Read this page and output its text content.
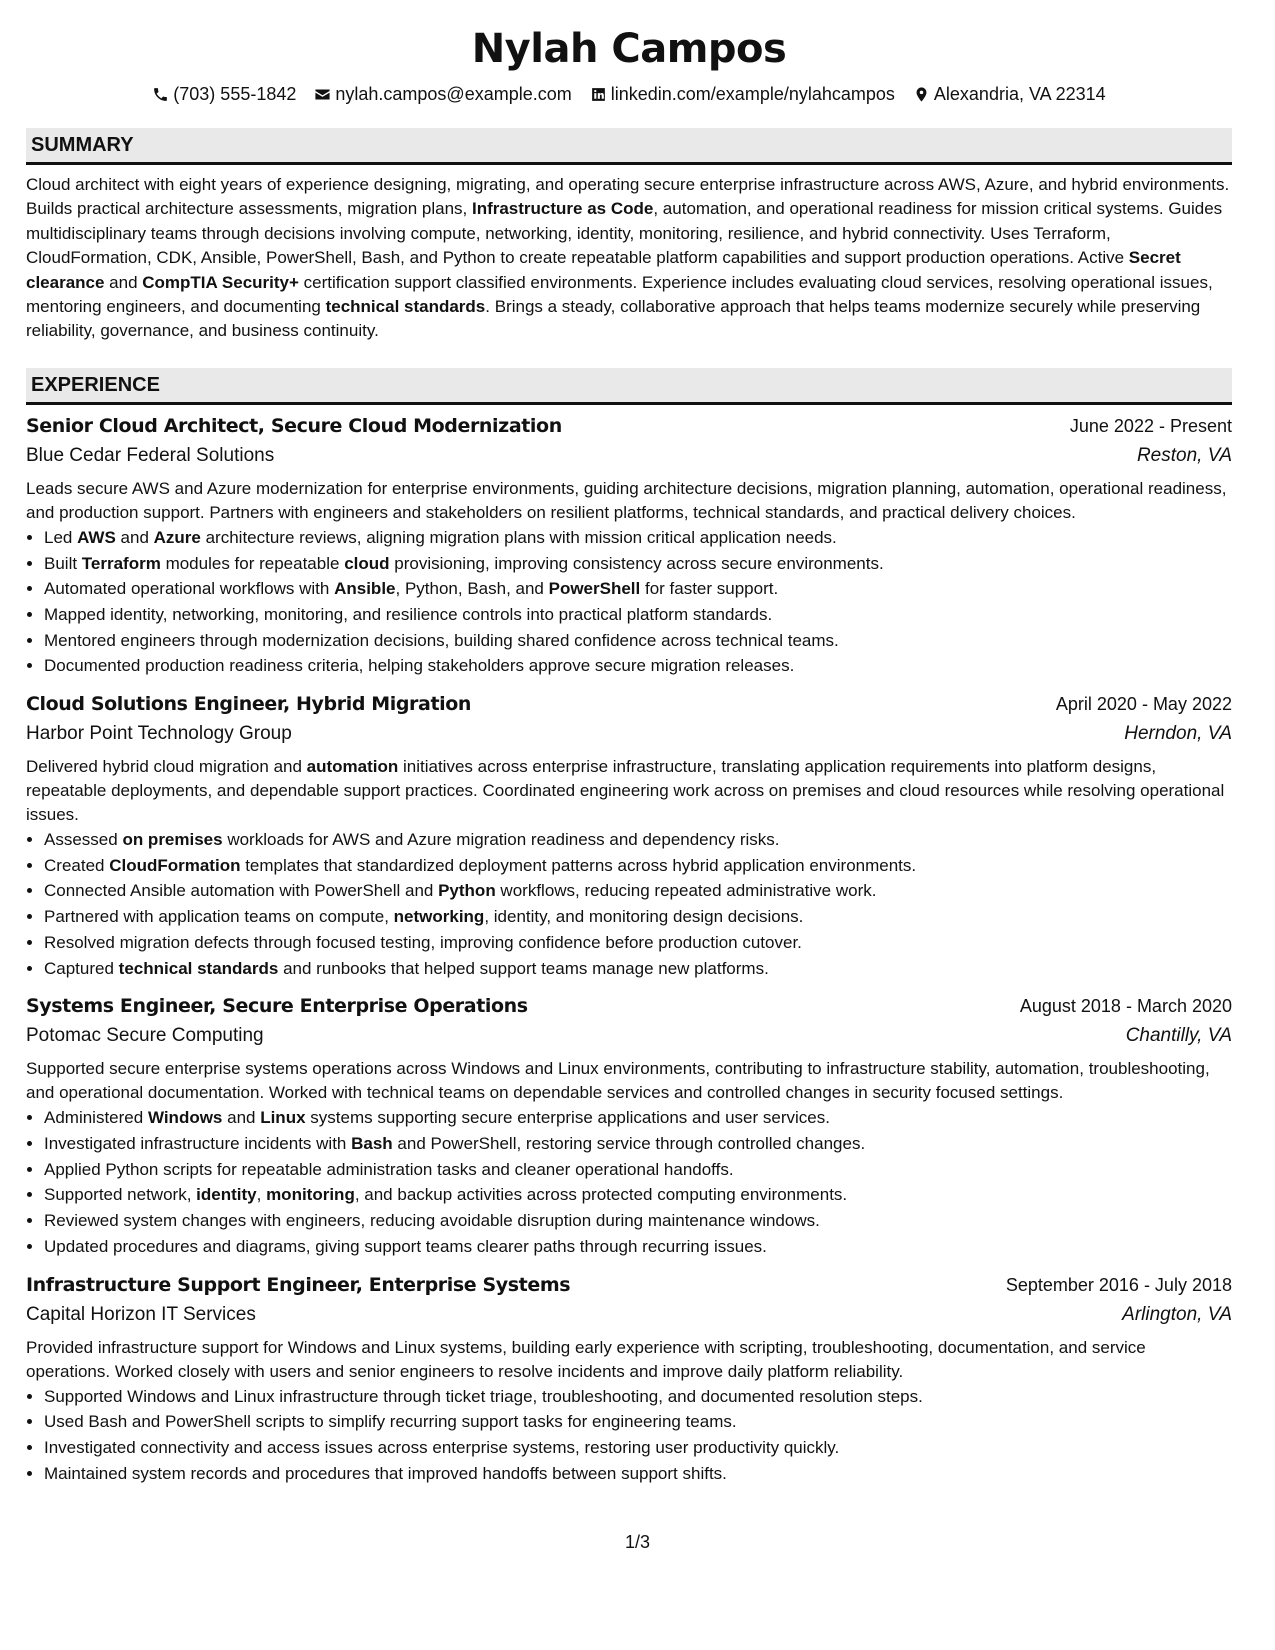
Nylah Campos
(703) 555-1842 nylah.campos@example.com linkedin.com/example/nylahcampos Alexandria, VA 22314
SUMMARY

Cloud architect with eight years of experience designing, migrating, and operating secure enterprise infrastructure across AWS, Azure, and hybrid environments. Builds practical architecture assessments, migration plans, Infrastructure as Code, automation, and operational readiness for mission critical systems. Guides multidisciplinary teams through decisions involving compute, networking, identity, monitoring, resilience, and hybrid connectivity. Uses Terraform, CloudFormation, CDK, Ansible, PowerShell, Bash, and Python to create repeatable platform capabilities and support production operations. Active Secret clearance and CompTIA Security+ certification support classified environments. Experience includes evaluating cloud services, resolving operational issues, mentoring engineers, and documenting technical standards. Brings a steady, collaborative approach that helps teams modernize securely while preserving reliability, governance, and business continuity.

EXPERIENCE
Senior Cloud Architect, Secure Cloud Modernization	June 2022 - Present
Blue Cedar Federal Solutions	Reston, VA
Leads secure AWS and Azure modernization for enterprise environments, guiding architecture decisions, migration planning, automation, operational readiness, and production support. Partners with engineers and stakeholders on resilient platforms, technical standards, and practical delivery choices.
• Led AWS and Azure architecture reviews, aligning migration plans with mission critical application needs.
• Built Terraform modules for repeatable cloud provisioning, improving consistency across secure environments.
• Automated operational workflows with Ansible, Python, Bash, and PowerShell for faster support.
• Mapped identity, networking, monitoring, and resilience controls into practical platform standards.
• Mentored engineers through modernization decisions, building shared confidence across technical teams.
• Documented production readiness criteria, helping stakeholders approve secure migration releases.
Cloud Solutions Engineer, Hybrid Migration	April 2020 - May 2022
Harbor Point Technology Group	Herndon, VA
Delivered hybrid cloud migration and automation initiatives across enterprise infrastructure, translating application requirements into platform designs, repeatable deployments, and dependable support practices. Coordinated engineering work across on premises and cloud resources while resolving operational issues.
• Assessed on premises workloads for AWS and Azure migration readiness and dependency risks.
• Created CloudFormation templates that standardized deployment patterns across hybrid application environments.
• Connected Ansible automation with PowerShell and Python workflows, reducing repeated administrative work.
• Partnered with application teams on compute, networking, identity, and monitoring design decisions.
• Resolved migration defects through focused testing, improving confidence before production cutover.
• Captured technical standards and runbooks that helped support teams manage new platforms.
Systems Engineer, Secure Enterprise Operations	August 2018 - March 2020
Potomac Secure Computing	Chantilly, VA
Supported secure enterprise systems operations across Windows and Linux environments, contributing to infrastructure stability, automation, troubleshooting, and operational documentation. Worked with technical teams on dependable services and controlled changes in security focused settings.
• Administered Windows and Linux systems supporting secure enterprise applications and user services.
• Investigated infrastructure incidents with Bash and PowerShell, restoring service through controlled changes.
• Applied Python scripts for repeatable administration tasks and cleaner operational handoffs.
• Supported network, identity, monitoring, and backup activities across protected computing environments.
• Reviewed system changes with engineers, reducing avoidable disruption during maintenance windows.
• Updated procedures and diagrams, giving support teams clearer paths through recurring issues.
Infrastructure Support Engineer, Enterprise Systems	September 2016 - July 2018
Capital Horizon IT Services	Arlington, VA
Provided infrastructure support for Windows and Linux systems, building early experience with scripting, troubleshooting, documentation, and service operations. Worked closely with users and senior engineers to resolve incidents and improve daily platform reliability.
• Supported Windows and Linux infrastructure through ticket triage, troubleshooting, and documented resolution steps.
• Used Bash and PowerShell scripts to simplify recurring support tasks for engineering teams.
• Investigated connectivity and access issues across enterprise systems, restoring user productivity quickly.
• Maintained system records and procedures that improved handoffs between support shifts.
1/3
